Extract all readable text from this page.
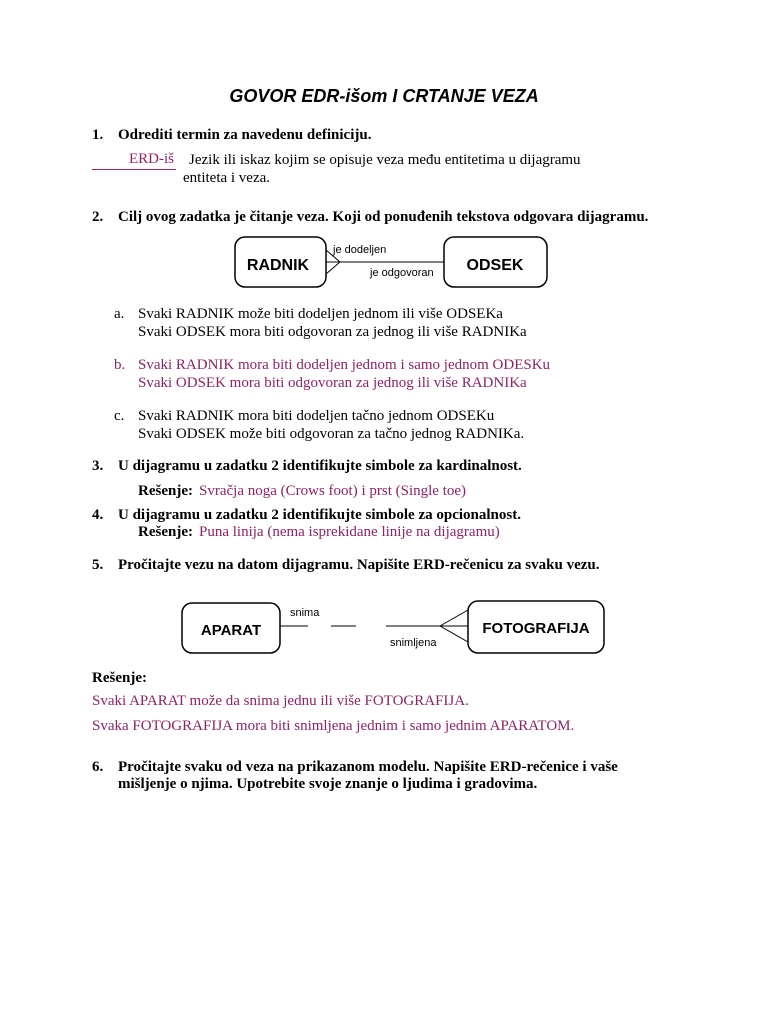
GOVOR EDR-išom I CRTANJE VEZA
1. Odrediti termin za navedenu definiciju.
ERD-iš Jezik ili iskaz kojim se opisuje veza među entitetima u dijagramu
entiteta i veza.
2. Cilj ovog zadatka je čitanje veza. Koji od ponuđenih tekstova odgovara dijagramu.
RADNIK	ODSEK
je dodeljen
je odgovoran
a. Svaki RADNIK može biti dodeljen jednom ili više ODSEKa
Svaki ODSEK mora biti odgovoran za jednog ili više RADNIKa
b. Svaki RADNIK mora biti dodeljen jednom i samo jednom ODESKu
Svaki ODSEK mora biti odgovoran za jednog ili više RADNIKa
c. Svaki RADNIK mora biti dodeljen tačno jednom ODSEKu
Svaki ODSEK može biti odgovoran za tačno jednog RADNIKa.
3. U dijagramu u zadatku 2 identifikujte simbole za kardinalnost.
Rešenje: Svračja noga (Crows foot) i prst (Single toe)
4. U dijagramu u zadatku 2 identifikujte simbole za opcionalnost.
Rešenje: Puna linija (nema isprekidane linije na dijagramu)
5. Pročitajte vezu na datom dijagramu. Napišite ERD-rečenicu za svaku vezu.
APARAT	FOTOGRAFIJA
snima
snimljena
Rešenje:
Svaki APARAT može da snima jednu ili više FOTOGRAFIJA.
Svaka FOTOGRAFIJA mora biti snimljena jednim i samo jednim APARATOM.
6. Pročitajte svaku od veza na prikazanom modelu. Napišite ERD-rečenice i vaše
mišljenje o njima. Upotrebite svoje znanje o ljudima i gradovima.
